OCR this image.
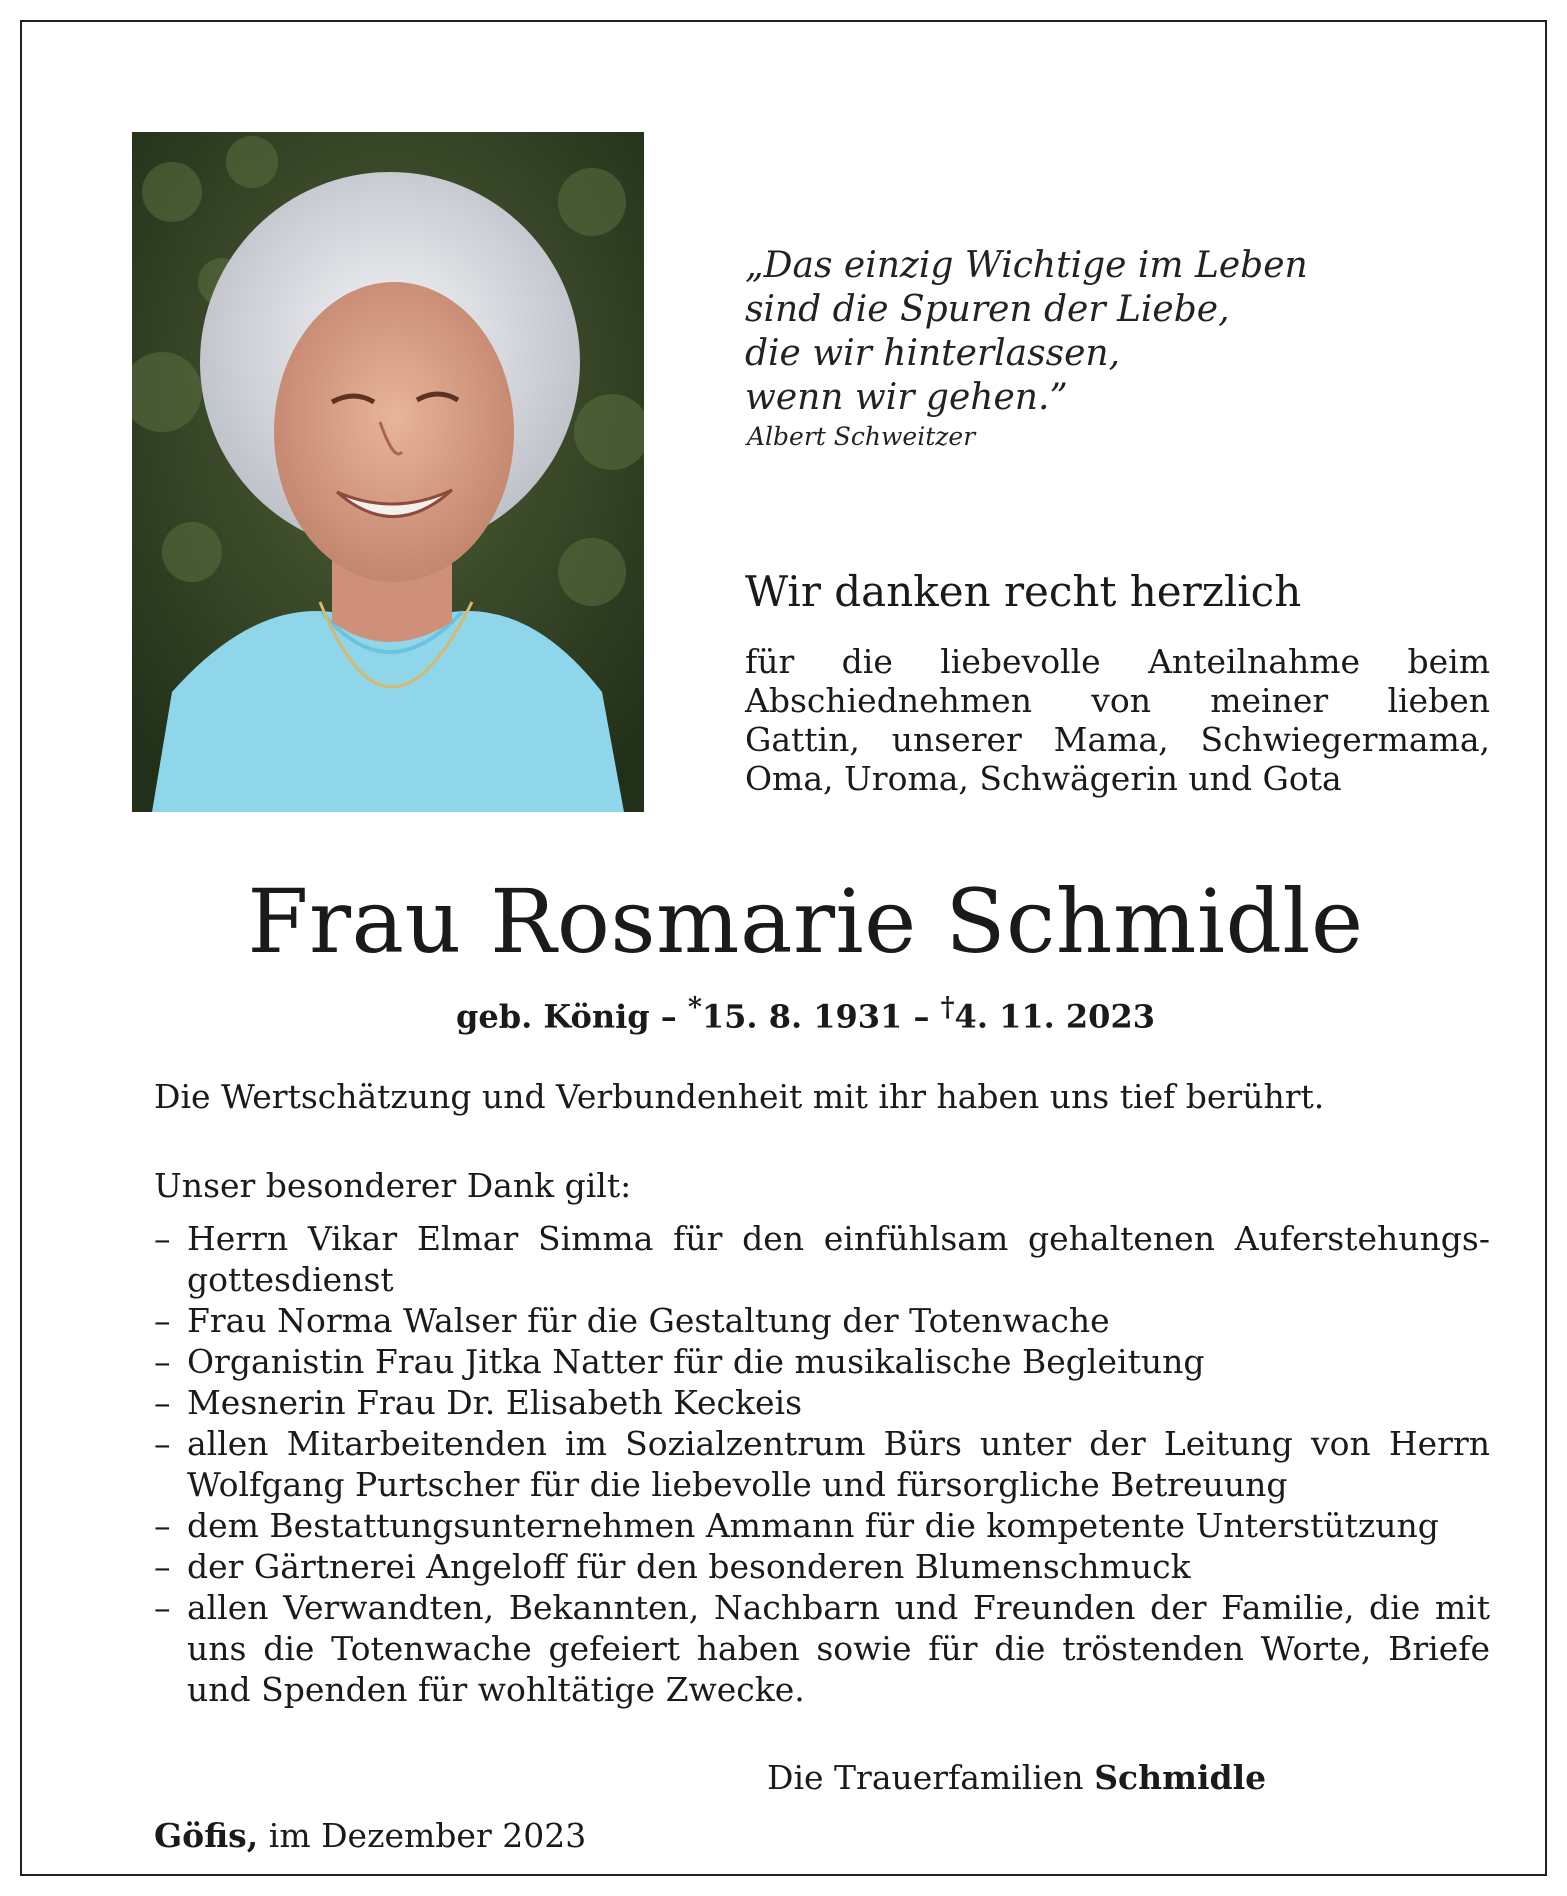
„Das einzig Wichtige im Leben
sind die Spuren der Liebe,
die wir hinterlassen,
wenn wir gehen.”
Albert Schweitzer
Wir danken recht herzlich
für die liebevolle Anteilnahme beim
Abschiednehmen von meiner lieben
Gattin, unserer Mama, Schwiegermama,
Oma, Uroma, Schwägerin und Gota
Frau Rosmarie Schmidle
geb. König – *15. 8. 1931 – †4. 11. 2023
Die Wertschätzung und Verbundenheit mit ihr haben uns tief berührt.
Unser besonderer Dank gilt:
– Herrn Vikar Elmar Simma für den einfühlsam gehaltenen Auferstehungs-gottesdienst
– Frau Norma Walser für die Gestaltung der Totenwache
– Organistin Frau Jitka Natter für die musikalische Begleitung
– Mesnerin Frau Dr. Elisabeth Keckeis
– allen Mitarbeitenden im Sozialzentrum Bürs unter der Leitung von Herrn Wolfgang Purtscher für die liebevolle und fürsorgliche Betreuung
– dem Bestattungsunternehmen Ammann für die kompetente Unterstützung
– der Gärtnerei Angeloff für den besonderen Blumenschmuck
– allen Verwandten, Bekannten, Nachbarn und Freunden der Familie, die mit uns die Totenwache gefeiert haben sowie für die tröstenden Worte, Briefe und Spenden für wohltätige Zwecke.
Die Trauerfamilien Schmidle
Göfis, im Dezember 2023
